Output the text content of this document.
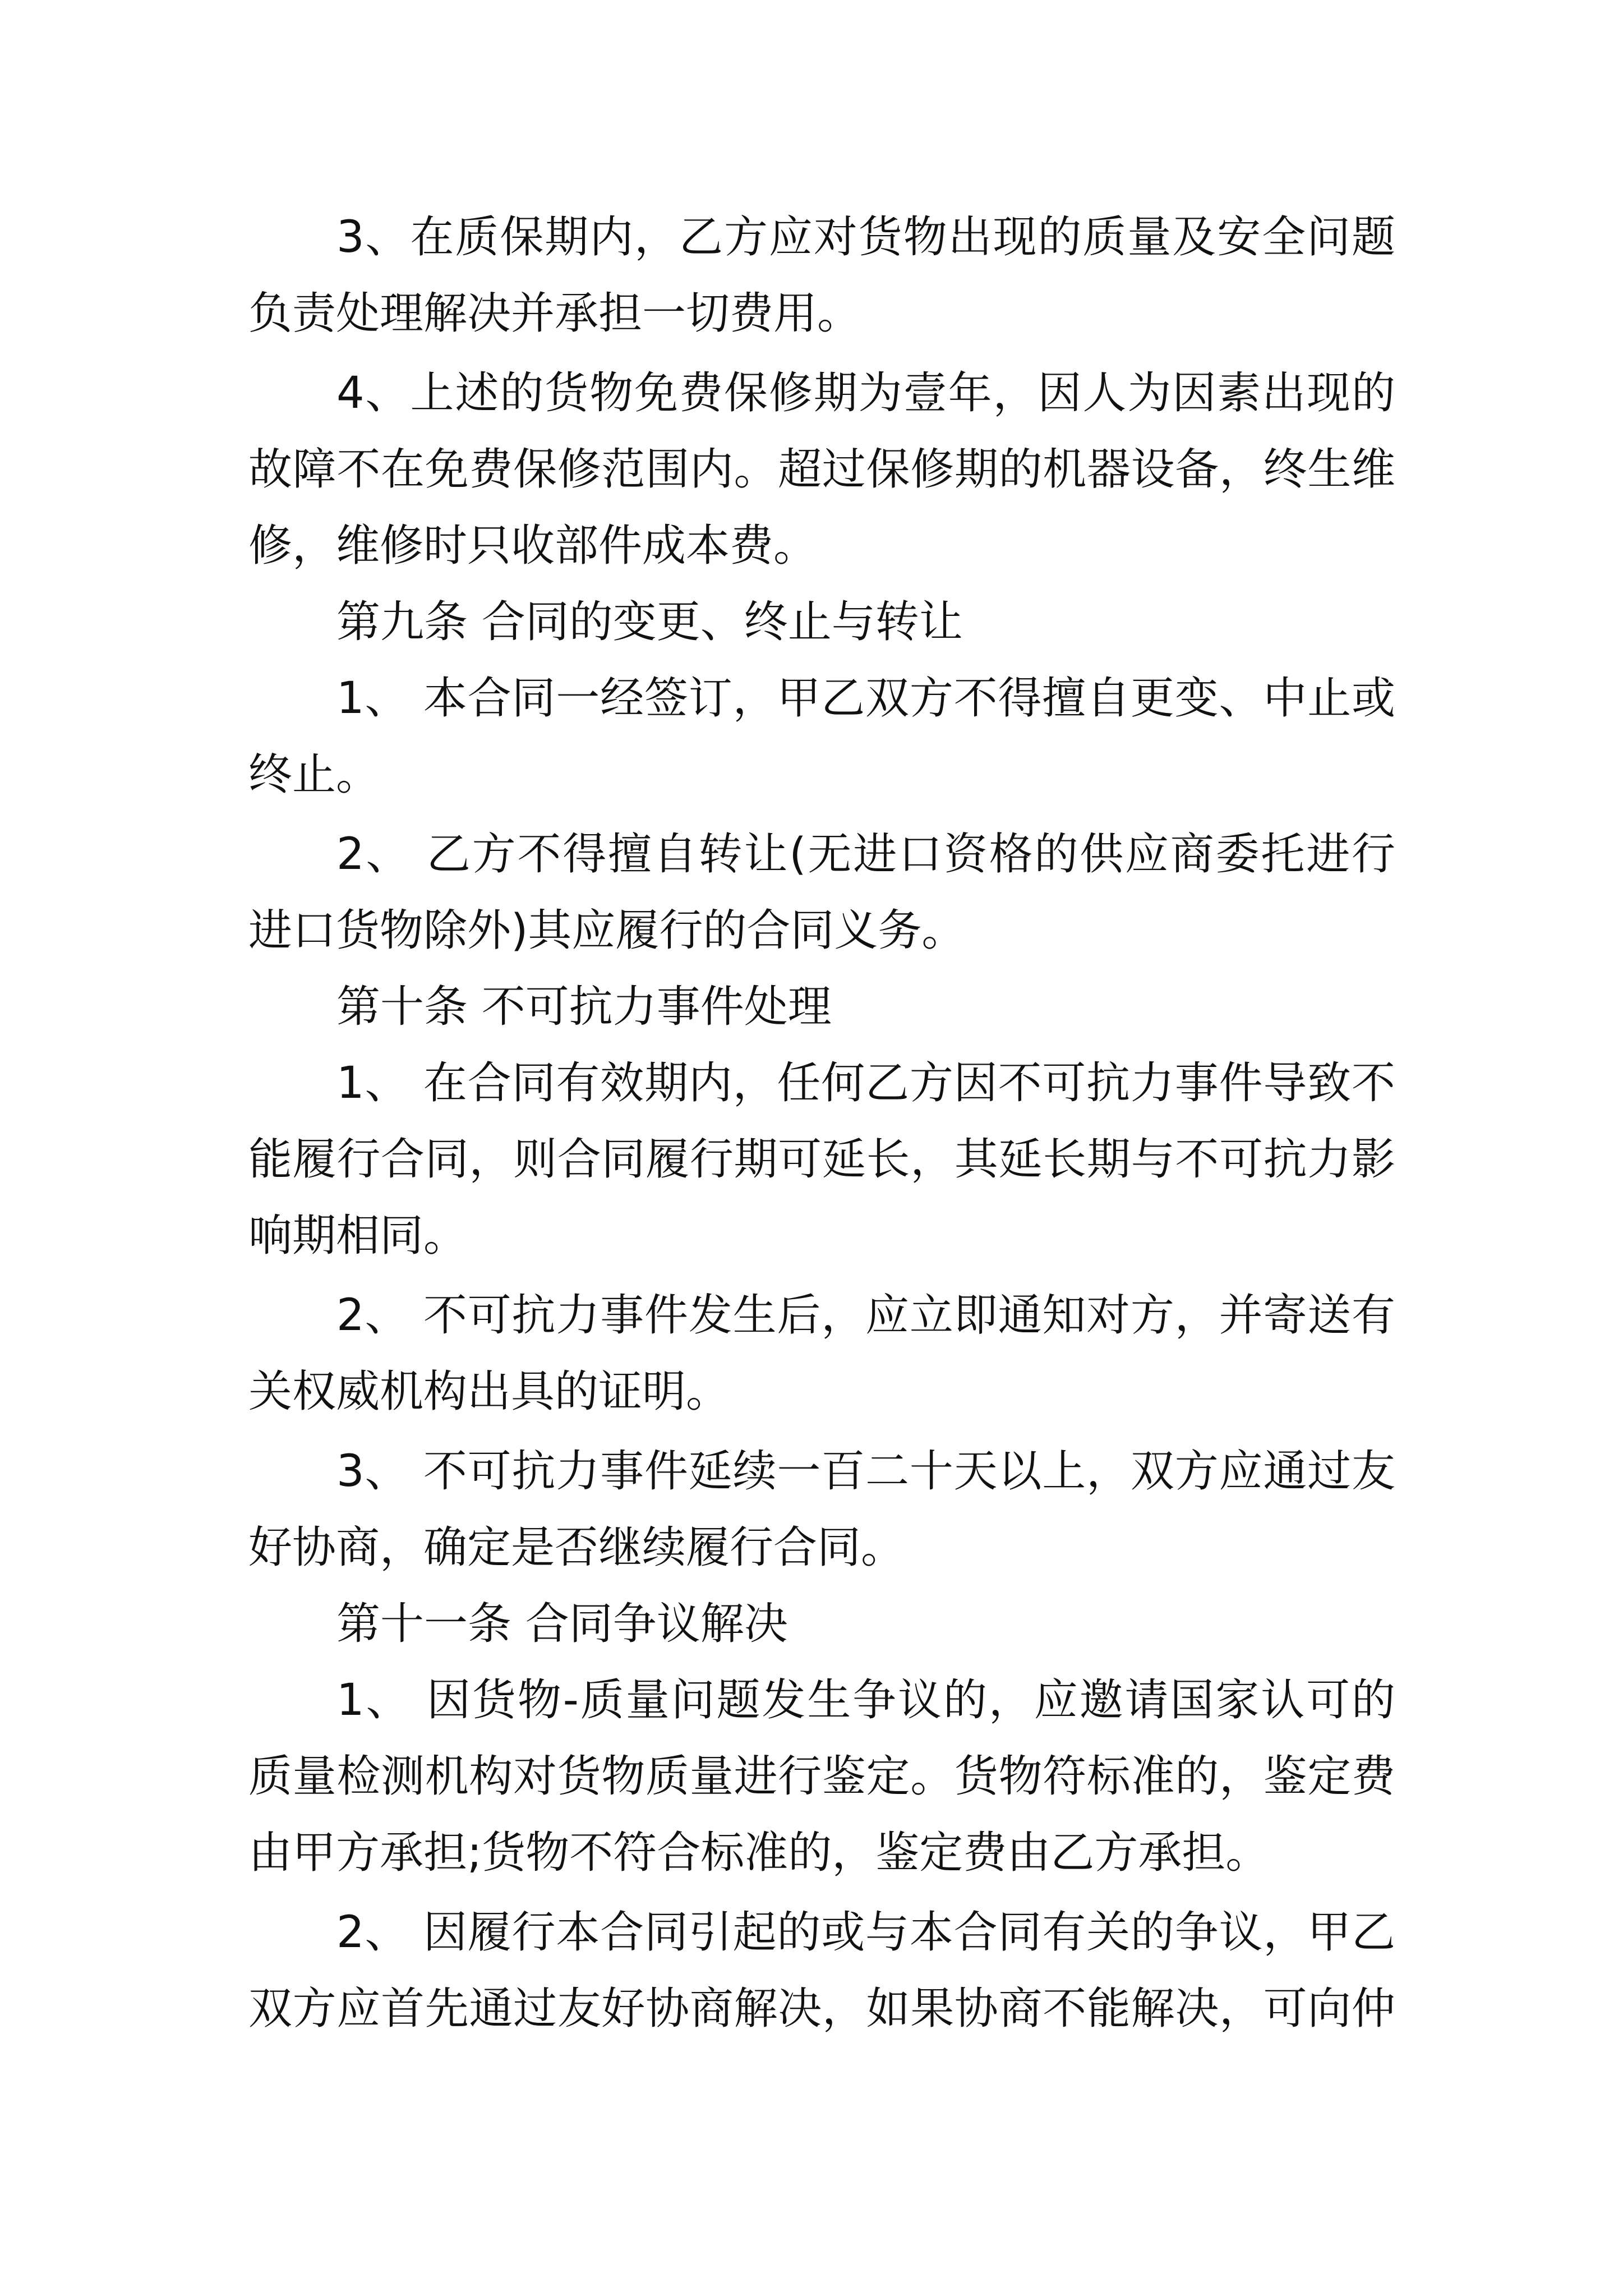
3、在质保期内，乙方应对货物出现的质量及安全问题
负责处理解决并承担一切费用。
4、上述的货物免费保修期为壹年，因人为因素出现的
故障不在免费保修范围内。超过保修期的机器设备，终生维
修，维修时只收部件成本费。
第九条 合同的变更、终止与转让
1、 本合同一经签订，甲乙双方不得擅自更变、中止或
终止。
2、 乙方不得擅自转让(无进口资格的供应商委托进行
进口货物除外)其应履行的合同义务。
第十条 不可抗力事件处理
1、 在合同有效期内，任何乙方因不可抗力事件导致不
能履行合同，则合同履行期可延长，其延长期与不可抗力影
响期相同。
2、 不可抗力事件发生后，应立即通知对方，并寄送有
关权威机构出具的证明。
3、 不可抗力事件延续一百二十天以上，双方应通过友
好协商，确定是否继续履行合同。
第十一条 合同争议解决
1、 因货物-质量问题发生争议的，应邀请国家认可的
质量检测机构对货物质量进行鉴定。货物符标准的，鉴定费
由甲方承担;货物不符合标准的，鉴定费由乙方承担。
2、 因履行本合同引起的或与本合同有关的争议，甲乙
双方应首先通过友好协商解决，如果协商不能解决，可向仲
